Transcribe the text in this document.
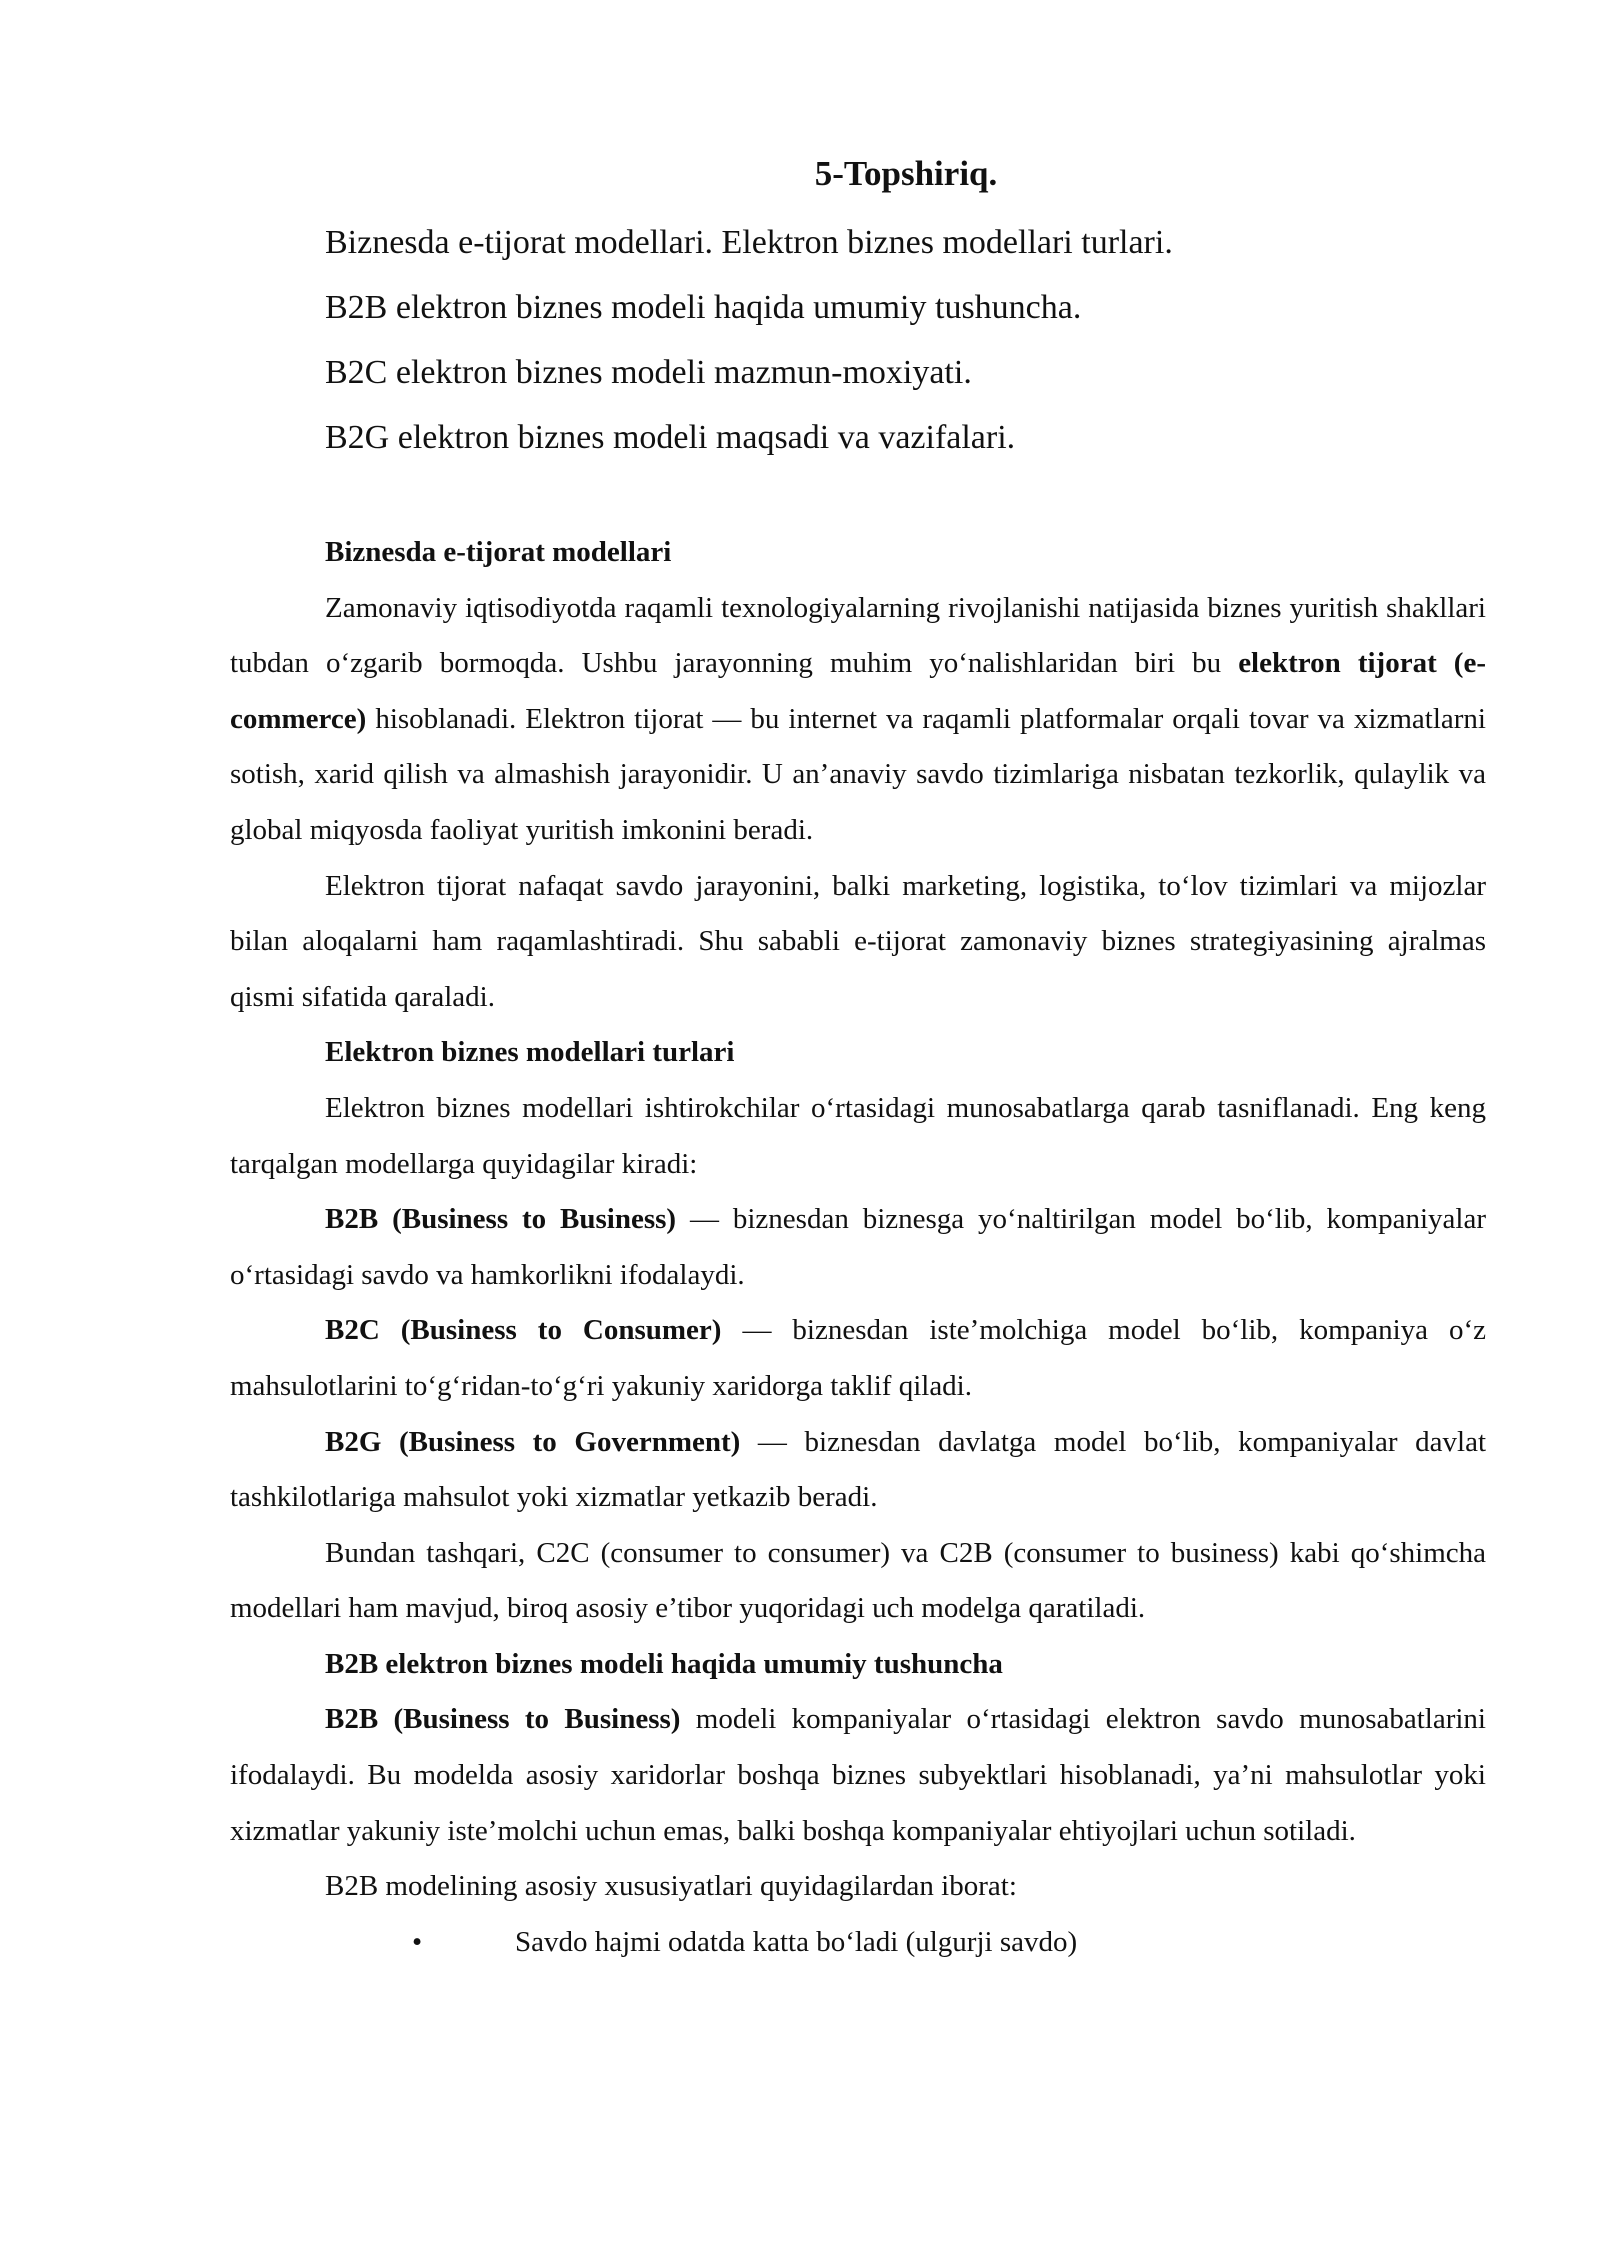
5-Topshiriq.
Biznesda e-tijorat modellari. Elektron biznes modellari turlari.
B2B elektron biznes modeli haqida umumiy tushuncha.
B2C elektron biznes modeli mazmun-moxiyati.
B2G elektron biznes modeli maqsadi va vazifalari.

Biznesda e-tijorat modellari

Zamonaviy iqtisodiyotda raqamli texnologiyalarning rivojlanishi natijasida biznes yuritish shakllari tubdan o‘zgarib bormoqda. Ushbu jarayonning muhim yo‘nalishlaridan biri bu elektron tijorat (e-commerce) hisoblanadi. Elektron tijorat — bu internet va raqamli platformalar orqali tovar va xizmatlarni sotish, xarid qilish va almashish jarayonidir. U an’anaviy savdo tizimlariga nisbatan tezkorlik, qulaylik va global miqyosda faoliyat yuritish imkonini beradi.

Elektron tijorat nafaqat savdo jarayonini, balki marketing, logistika, to‘lov tizimlari va mijozlar bilan aloqalarni ham raqamlashtiradi. Shu sababli e-tijorat zamonaviy biznes strategiyasining ajralmas qismi sifatida qaraladi.

Elektron biznes modellari turlari

Elektron biznes modellari ishtirokchilar o‘rtasidagi munosabatlarga qarab tasniflanadi. Eng keng tarqalgan modellarga quyidagilar kiradi:

B2B (Business to Business) — biznesdan biznesga yo‘naltirilgan model bo‘lib, kompaniyalar o‘rtasidagi savdo va hamkorlikni ifodalaydi.

B2C (Business to Consumer) — biznesdan iste’molchiga model bo‘lib, kompaniya o‘z mahsulotlarini to‘g‘ridan-to‘g‘ri yakuniy xaridorga taklif qiladi.

B2G (Business to Government) — biznesdan davlatga model bo‘lib, kompaniyalar davlat tashkilotlariga mahsulot yoki xizmatlar yetkazib beradi.

Bundan tashqari, C2C (consumer to consumer) va C2B (consumer to business) kabi qo‘shimcha modellari ham mavjud, biroq asosiy e’tibor yuqoridagi uch modelga qaratiladi.

B2B elektron biznes modeli haqida umumiy tushuncha

B2B (Business to Business) modeli kompaniyalar o‘rtasidagi elektron savdo munosabatlarini ifodalaydi. Bu modelda asosiy xaridorlar boshqa biznes subyektlari hisoblanadi, ya’ni mahsulotlar yoki xizmatlar yakuniy iste’molchi uchun emas, balki boshqa kompaniyalar ehtiyojlari uchun sotiladi.

B2B modelining asosiy xususiyatlari quyidagilardan iborat:

•	Savdo hajmi odatda katta bo‘ladi (ulgurji savdo)
